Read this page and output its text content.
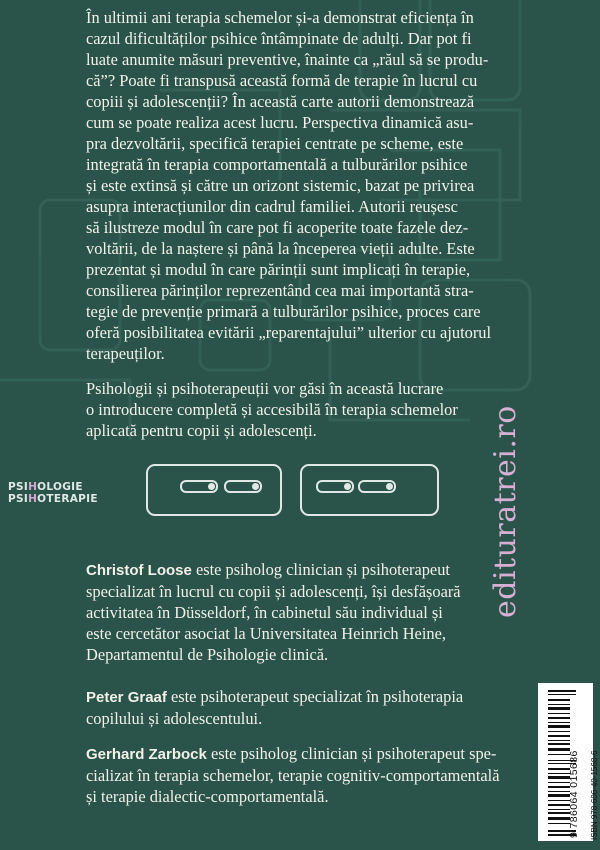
În ultimii ani terapia schemelor și-a demonstrat eficiența în
cazul dificultăților psihice întâmpinate de adulți. Dar pot fi
luate anumite măsuri preventive, înainte ca „răul să se produ-
că”? Poate fi transpusă această formă de terapie în lucrul cu
copiii și adolescenții? În această carte autorii demonstrează
cum se poate realiza acest lucru. Perspectiva dinamică asu-
pra dezvoltării, specifică terapiei centrate pe scheme, este
integrată în terapia comportamentală a tulburărilor psihice
și este extinsă și către un orizont sistemic, bazat pe privirea
asupra interacțiunilor din cadrul familiei. Autorii reușesc
să ilustreze modul în care pot fi acoperite toate fazele dez-
voltării, de la naștere și până la începerea vieții adulte. Este
prezentat și modul în care părinții sunt implicați în terapie,
consilierea părinților reprezentând cea mai importantă stra-
tegie de prevenție primară a tulburărilor psihice, proces care
oferă posibilitatea evitării „reparentajului” ulterior cu ajutorul
terapeuților.

Psihologii și psihoterapeuții vor găsi în această lucrare
o introducere completă și accesibilă în terapia schemelor
aplicată pentru copii și adolescenți.

PSIHOLOGIE
PSIHOTERAPIE	edituratrei.ro

Christof Loose este psiholog clinician și psihoterapeut
specializat în lucrul cu copii și adolescenți, își desfășoară
activitatea în Düsseldorf, în cabinetul său individual și
este cercetător asociat la Universitatea Heinrich Heine,
Departamentul de Psihologie clinică.

Peter Graaf este psihoterapeut specializat în psihoterapia
copilului și adolescentului.

Gerhard Zarbock este psiholog clinician și psihoterapeut spe-
cializat în terapia schemelor, terapie cognitiv-comportamentală
și terapie dialectic-comportamentală.	9 786064 015686 ISBN 978-606-40-1568-6
